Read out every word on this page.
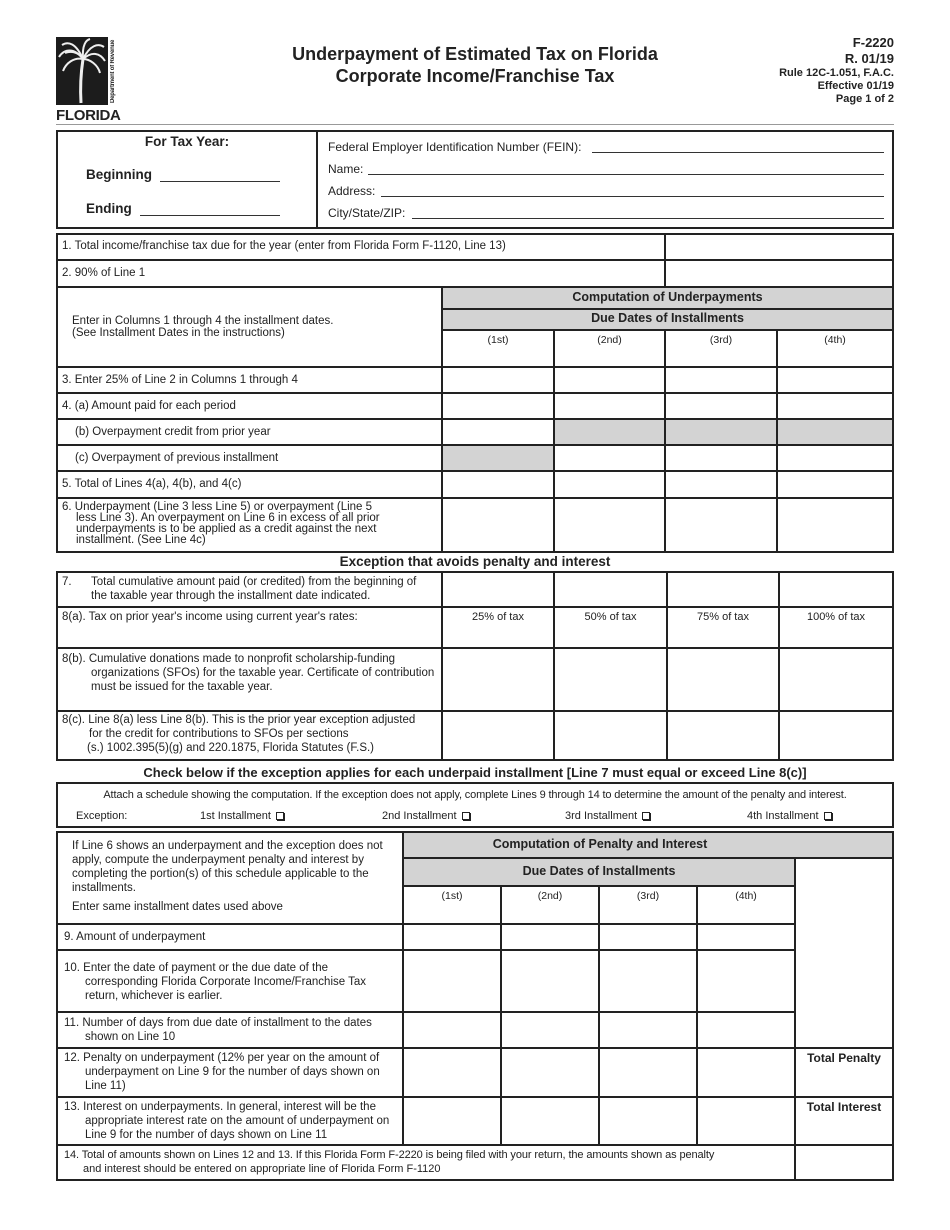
Department of Revenue
FLORIDA
Underpayment of Estimated Tax on Florida
Corporate Income/Franchise Tax
F-2220
R. 01/19
Rule 12C-1.051, F.A.C.
Effective 01/19
Page 1 of 2
For Tax Year:
Beginning
Ending
Federal Employer Identification Number (FEIN):
Name:
Address:
City/State/ZIP:
1. Total income/franchise tax due for the year (enter from Florida Form F-1120, Line 13)
2. 90% of Line 1
Enter in Columns 1 through 4 the installment dates.
(See Installment Dates in the instructions)
Computation of Underpayments
Due Dates of Installments
(1st)	(2nd)	(3rd)	(4th)
3. Enter 25% of Line 2 in Columns 1 through 4
4. (a) Amount paid for each period
(b) Overpayment credit from prior year
(c) Overpayment of previous installment
5. Total of Lines 4(a), 4(b), and 4(c)
6. Underpayment (Line 3 less Line 5) or overpayment (Line 5
less Line 3). An overpayment on Line 6 in excess of all prior
underpayments is to be applied as a credit against the next
installment. (See Line 4c)
Exception that avoids penalty and interest
7. Total cumulative amount paid (or credited) from the beginning of
the taxable year through the installment date indicated.
8(a). Tax on prior year's income using current year's rates:	25% of tax	50% of tax	75% of tax	100% of tax
8(b). Cumulative donations made to nonprofit scholarship-funding
organizations (SFOs) for the taxable year. Certificate of contribution
must be issued for the taxable year.
8(c). Line 8(a) less Line 8(b). This is the prior year exception adjusted
for the credit for contributions to SFOs per sections
(s.) 1002.395(5)(g) and 220.1875, Florida Statutes (F.S.)
Check below if the exception applies for each underpaid installment [Line 7 must equal or exceed Line 8(c)]
Attach a schedule showing the computation. If the exception does not apply, complete Lines 9 through 14 to determine the amount of the penalty and interest.
Exception:	1st Installment	2nd Installment	3rd Installment	4th Installment
If Line 6 shows an underpayment and the exception does not
apply, compute the underpayment penalty and interest by
completing the portion(s) of this schedule applicable to the
installments.
Enter same installment dates used above
Computation of Penalty and Interest
Due Dates of Installments
(1st)	(2nd)	(3rd)	(4th)
9. Amount of underpayment
10. Enter the date of payment or the due date of the
corresponding Florida Corporate Income/Franchise Tax
return, whichever is earlier.
11. Number of days from due date of installment to the dates
shown on Line 10
12. Penalty on underpayment (12% per year on the amount of
underpayment on Line 9 for the number of days shown on
Line 11)
Total Penalty
13. Interest on underpayments. In general, interest will be the
appropriate interest rate on the amount of underpayment on
Line 9 for the number of days shown on Line 11
Total Interest
14. Total of amounts shown on Lines 12 and 13. If this Florida Form F-2220 is being filed with your return, the amounts shown as penalty
and interest should be entered on appropriate line of Florida Form F-1120
